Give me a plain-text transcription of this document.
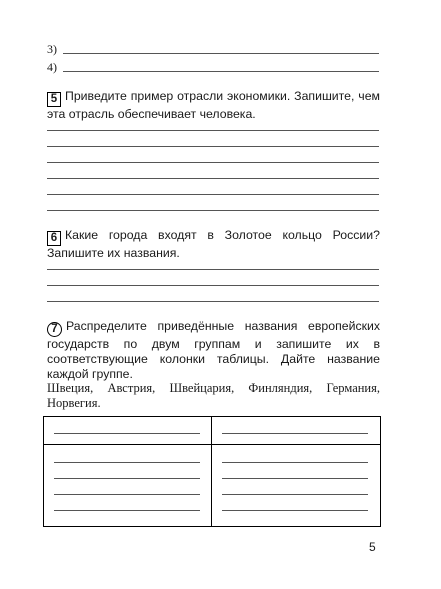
3)
4)
5 Приведите пример отрасли экономики. Запишите, чем эта отрасль обеспечивает человека.
6 Какие города входят в Золотое кольцо России? Запишите их названия.
7 Распределите приведённые названия европейских государств по двум группам и запишите их в соответствующие колонки таблицы. Дайте название каждой группе.
Швеция, Австрия, Швейцария, Финляндия, Германия, Норвегия.
5
